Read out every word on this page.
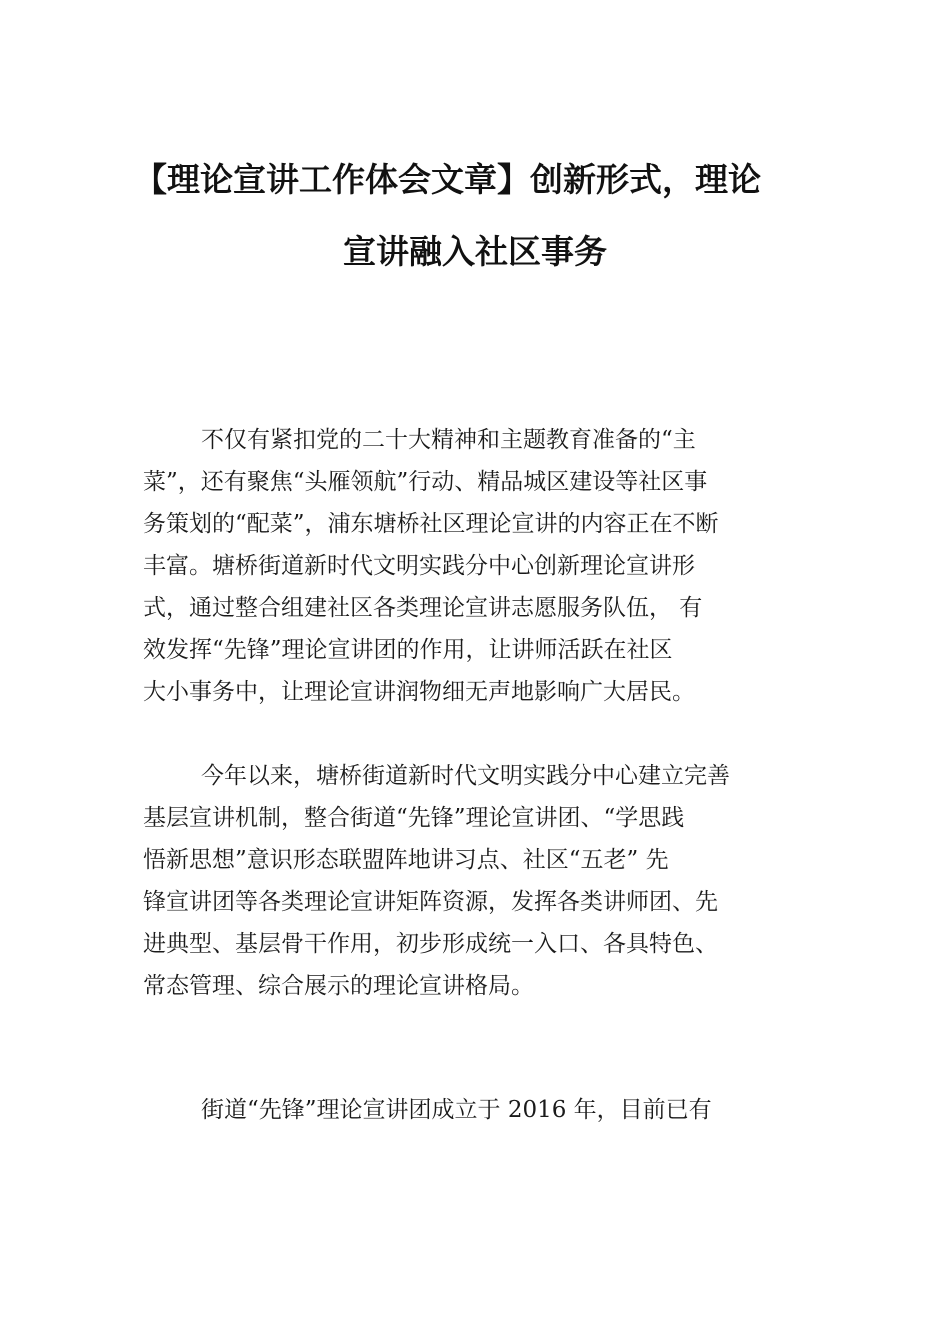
【理论宣讲工作体会文章】创新形式，理论
宣讲融入社区事务
不仅有紧扣党的二十大精神和主题教育准备的“主
菜”，还有聚焦“头雁领航”行动、精品城区建设等社区事
务策划的“配菜”，浦东塘桥社区理论宣讲的内容正在不断
丰富。塘桥街道新时代文明实践分中心创新理论宣讲形
式，通过整合组建社区各类理论宣讲志愿服务队伍， 有
效发挥“先锋”理论宣讲团的作用，让讲师活跃在社区
大小事务中，让理论宣讲润物细无声地影响广大居民。
今年以来，塘桥街道新时代文明实践分中心建立完善
基层宣讲机制，整合街道“先锋”理论宣讲团、“学思践
悟新思想”意识形态联盟阵地讲习点、社区“五老” 先
锋宣讲团等各类理论宣讲矩阵资源，发挥各类讲师团、先
进典型、基层骨干作用，初步形成统一入口、各具特色、
常态管理、综合展示的理论宣讲格局。
街道“先锋”理论宣讲团成立于 2016 年，目前已有
